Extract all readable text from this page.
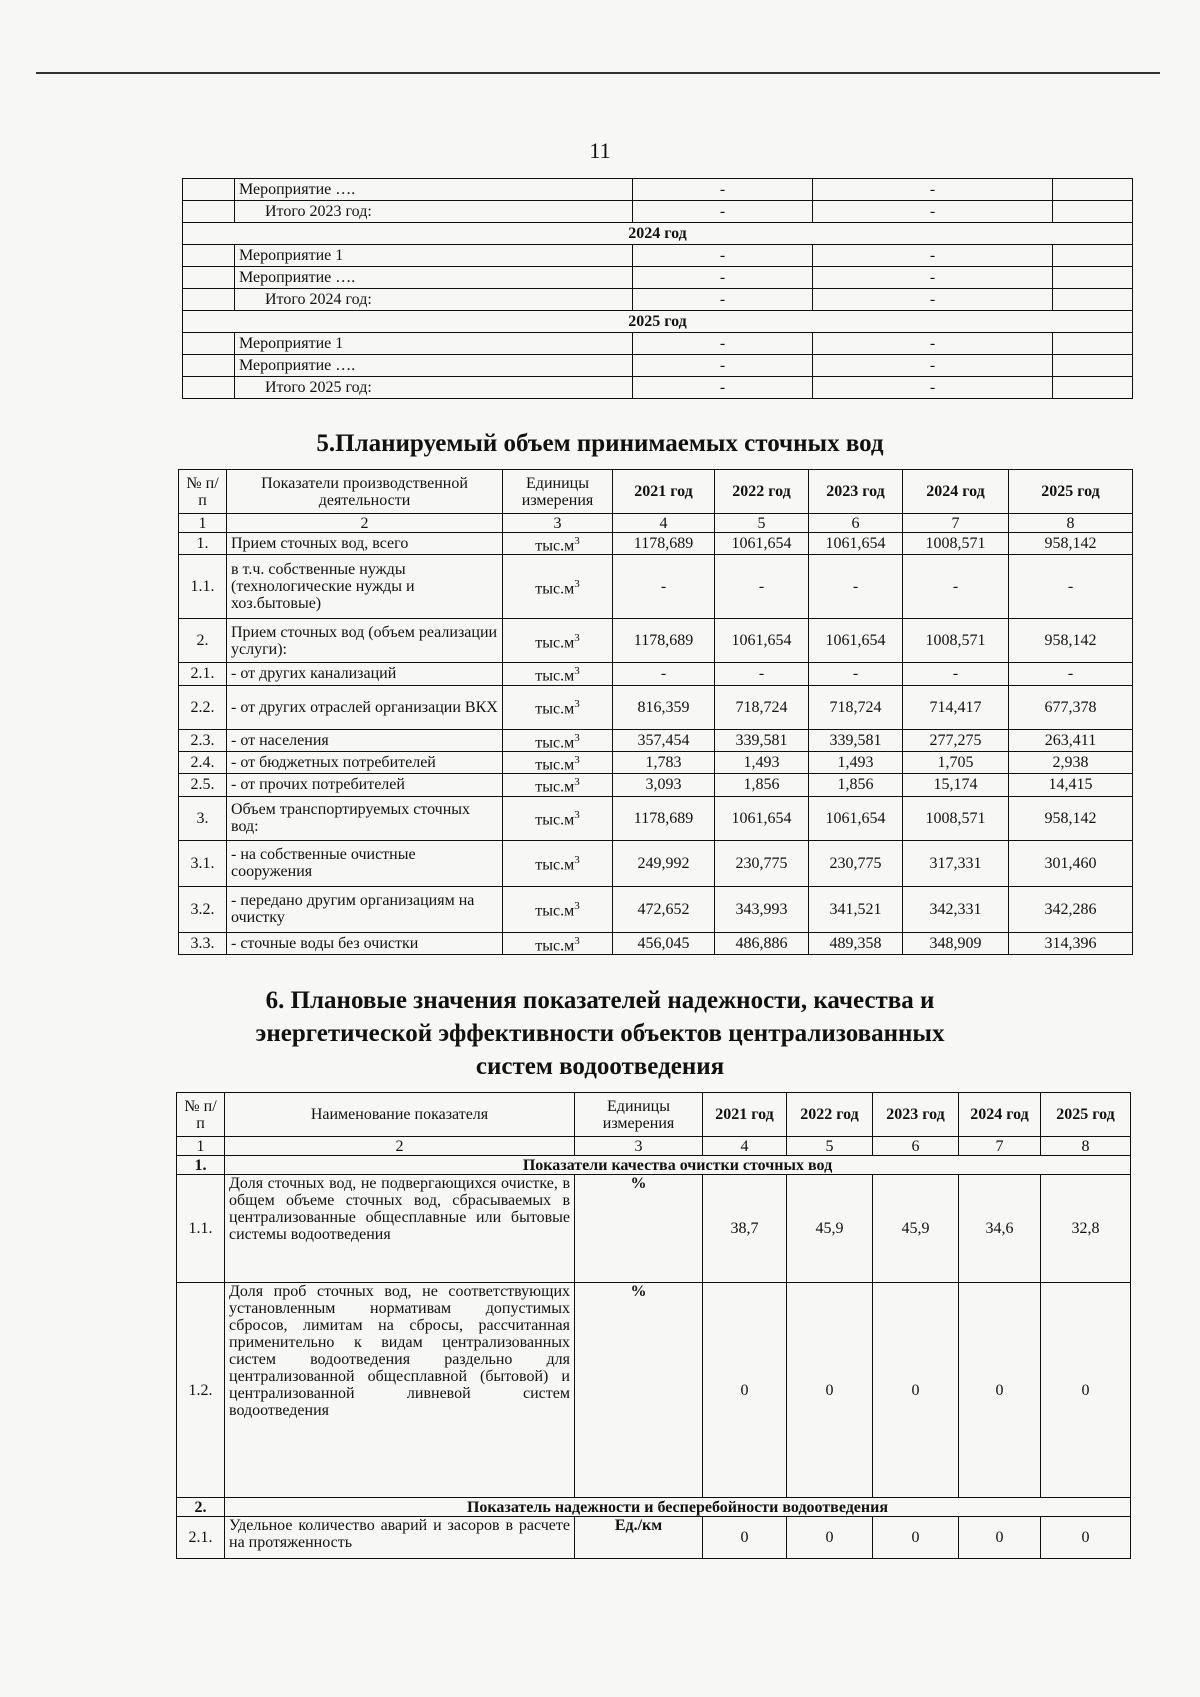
11
	Мероприятие ….	-	-	
	Итого 2023 год:	-	-	
2024 год				
	Мероприятие 1	-	-	
	Мероприятие ….	-	-	
	Итого 2024 год:	-	-	
2025 год				
	Мероприятие 1	-	-	
	Мероприятие ….	-	-	
	Итого 2025 год:	-	-	
5.Планируемый объем принимаемых сточных вод
№ п/п	Показатели производственной деятельности	Единицы измерения	2021 год	2022 год	2023 год	2024 год	2025 год
1	2	3	4	5	6	7	8
1.	Прием сточных вод, всего	$тыс.м^3$	1178,689	1061,654	1061,654	1008,571	958,142
1.1.	в т.ч. собственные нужды (технологические нужды и хоз.бытовые)	$тыс.м^3$	-	-	-	-	-
2.	Прием сточных вод (объем реализации услуги):	$тыс.м^3$	1178,689	1061,654	1061,654	1008,571	958,142
2.1.	- от других канализаций	$тыс.м^3$	-	-	-	-	-
2.2.	- от других отраслей организации ВКХ	$тыс.м^3$	816,359	718,724	718,724	714,417	677,378
2.3.	- от населения	$тыс.м^3$	357,454	339,581	339,581	277,275	263,411
2.4.	- от бюджетных потребителей	$тыс.м^3$	1,783	1,493	1,493	1,705	2,938
2.5.	- от прочих потребителей	$тыс.м^3$	3,093	1,856	1,856	15,174	14,415
3.	Объем транспортируемых сточных вод:	$тыс.м^3$	1178,689	1061,654	1061,654	1008,571	958,142
3.1.	- на собственные очистные сооружения	$тыс.м^3$	249,992	230,775	230,775	317,331	301,460
3.2.	- передано другим организациям на очистку	$тыс.м^3$	472,652	343,993	341,521	342,331	342,286
3.3.	- сточные воды без очистки	$тыс.м^3$	456,045	486,886	489,358	348,909	314,396
6. Плановые значения показателей надежности, качества и
энергетической эффективности объектов централизованных
систем водоотведения
№ п/п	Наименование показателя	Единицы измерения	2021 год	2022 год	2023 год	2024 год	2025 год
1	2	3	4	5	6	7	8
1.	Показатели качества очистки сточных вод						
1.1.	Доля сточных вод, не подвергающихся очистке, в общем объеме сточных вод, сбрасываемых в централизованные общесплавные или бытовые системы водоотведения	%	38,7	45,9	45,9	34,6	32,8
1.2.	Доля проб сточных вод, не соответствующих установленным нормативам допустимых сбросов, лимитам на сбросы, рассчитанная применительно к видам централизованных систем водоотведения раздельно для централизованной общесплавной (бытовой) и централизованной ливневой систем водоотведения	%	0	0	0	0	0
2.	Показатель надежности и бесперебойности водоотведения						
2.1.	Удельное количество аварий и засоров в расчете на протяженность	Ед./км	0	0	0	0	0
